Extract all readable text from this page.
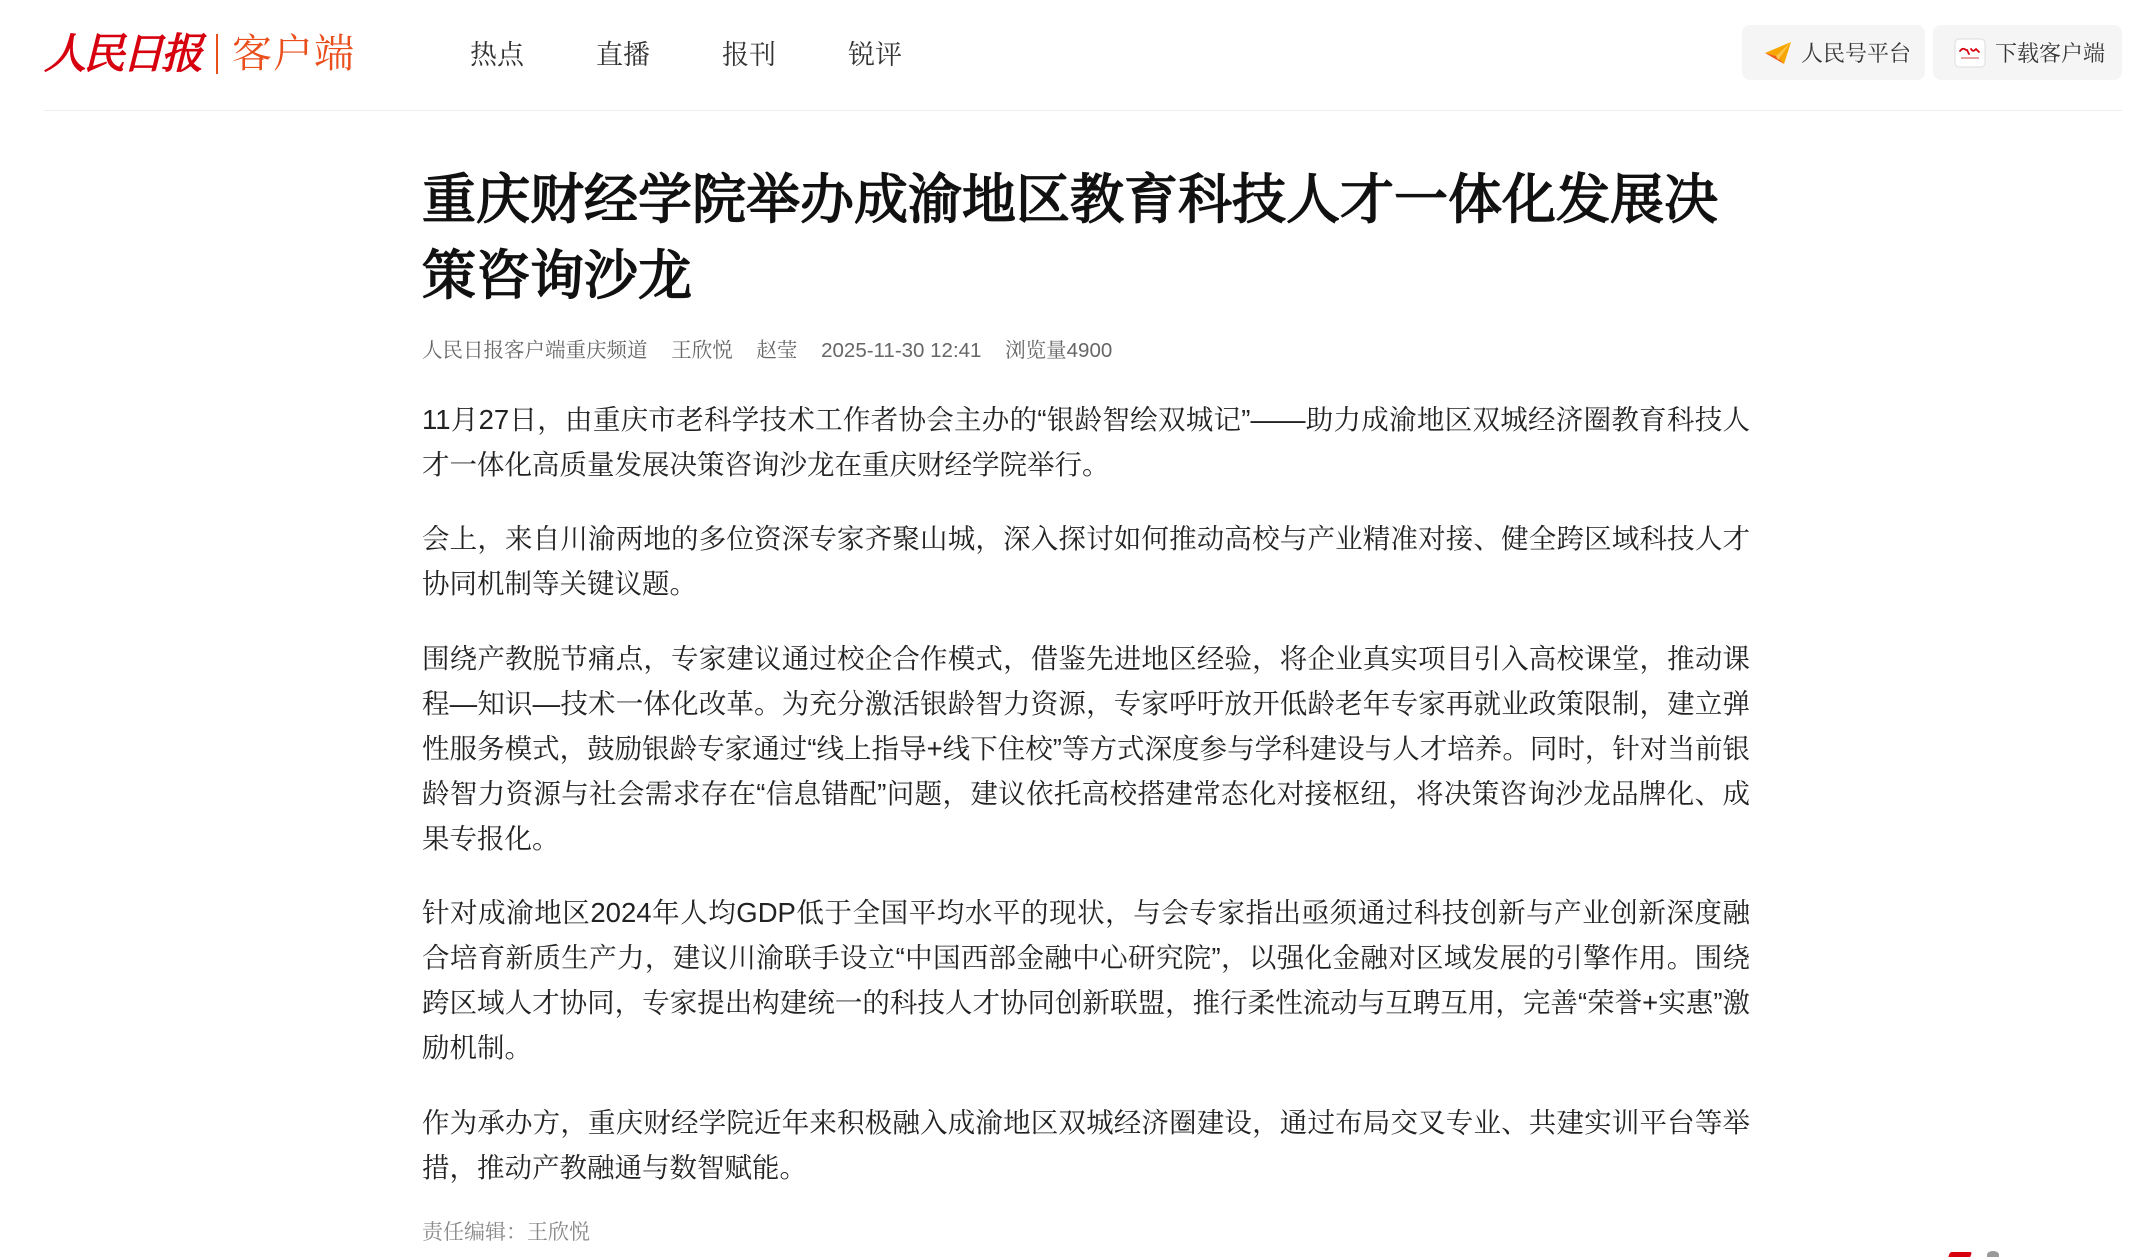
人民日报 客户端	热点	直播	报刊	锐评	人民号平台	下载客户端
重庆财经学院举办成渝地区教育科技人才一体化发展决策咨询沙龙
人民日报客户端重庆频道 王欣悦 赵莹 2025-11-30 12:41 浏览量4900

11月27日，由重庆市老科学技术工作者协会主办的“银龄智绘双城记”——助力成渝地区双城经济圈教育科技人才一体化高质量发展决策咨询沙龙在重庆财经学院举行。

会上，来自川渝两地的多位资深专家齐聚山城，深入探讨如何推动高校与产业精准对接、健全跨区域科技人才协同机制等关键议题。

围绕产教脱节痛点，专家建议通过校企合作模式，借鉴先进地区经验，将企业真实项目引入高校课堂，推动课程—知识—技术一体化改革。为充分激活银龄智力资源，专家呼吁放开低龄老年专家再就业政策限制，建立弹性服务模式，鼓励银龄专家通过“线上指导+线下住校”等方式深度参与学科建设与人才培养。同时，针对当前银龄智力资源与社会需求存在“信息错配”问题，建议依托高校搭建常态化对接枢纽，将决策咨询沙龙品牌化、成果专报化。

针对成渝地区2024年人均GDP低于全国平均水平的现状，与会专家指出亟须通过科技创新与产业创新深度融合培育新质生产力，建议川渝联手设立“中国西部金融中心研究院”，以强化金融对区域发展的引擎作用。围绕跨区域人才协同，专家提出构建统一的科技人才协同创新联盟，推行柔性流动与互聘互用，完善“荣誉+实惠”激励机制。

作为承办方，重庆财经学院近年来积极融入成渝地区双城经济圈建设，通过布局交叉专业、共建实训平台等举措，推动产教融通与数智赋能。

责任编辑：王欣悦
